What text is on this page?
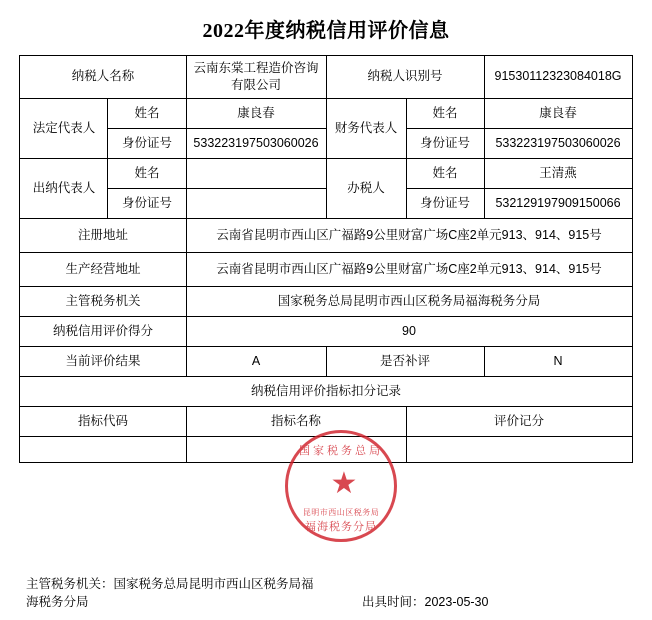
2022年度纳税信用评价信息
纳税人名称		云南东棠工程造价咨询有限公司	纳税人识别号		91530112323084018G
法定代表人	姓名	康良春	财务代表人	姓名	康良春
	身份证号	533223197503060026		身份证号	533223197503060026
出纳代表人	姓名		办税人	姓名	王清燕
	身份证号			身份证号	532129197909150066
注册地址		云南省昆明市西山区广福路9公里财富广场C座2单元913、914、915号			
生产经营地址		云南省昆明市西山区广福路9公里财富广场C座2单元913、914、915号			
主管税务机关		国家税务总局昆明市西山区税务局福海税务分局			
纳税信用评价得分		90			
当前评价结果		A	是否补评		N
纳税信用评价指标扣分记录					
指标代码		指标名称		评价记分	

国家税务总局
★
昆明市西山区税务局
福海税务分局
主管税务机关：国家税务总局昆明市西山区税务局福海税务分局	出具时间：2023-05-30
